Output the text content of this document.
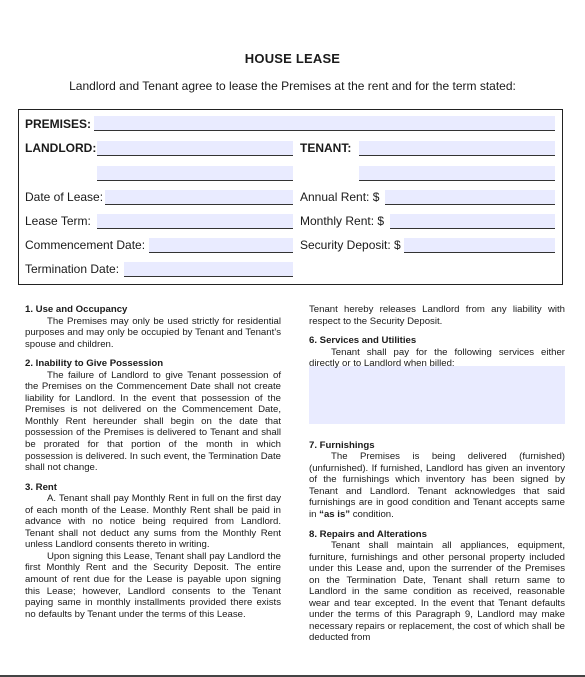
HOUSE LEASE
Landlord and Tenant agree to lease the Premises at the rent and for the term stated:
PREMISES:
LANDLORD:	TENANT:
Date of Lease:	Annual Rent: $
Lease Term:	Monthly Rent: $
Commencement Date:	Security Deposit: $
Termination Date:

1. Use and Occupancy

The Premises may only be used strictly for residential purposes and may only be occupied by Tenant and Tenant’s spouse and children.

2. Inability to Give Possession

The failure of Landlord to give Tenant possession of the Premises on the Commencement Date shall not create liability for Landlord. In the event that possession of the Premises is not delivered on the Commencement Date, Monthly Rent hereunder shall begin on the date that possession of the Premises is delivered to Tenant and shall be prorated for that portion of the month in which possession is delivered. In such event, the Termination Date shall not change.

3. Rent

A. Tenant shall pay Monthly Rent in full on the first day of each month of the Lease. Monthly Rent shall be paid in advance with no notice being required from Landlord. Tenant shall not deduct any sums from the Monthly Rent unless Landlord consents thereto in writing.

Upon signing this Lease, Tenant shall pay Landlord the first Monthly Rent and the Security Deposit. The entire amount of rent due for the Lease is payable upon signing this Lease; however, Landlord consents to the Tenant paying same in monthly installments provided there exists no defaults by Tenant under the terms of this Lease.

Tenant hereby releases Landlord from any liability with respect to the Security Deposit.

6. Services and Utilities

Tenant shall pay for the following services either directly or to Landlord when billed:

7. Furnishings

The Premises is being delivered (furnished) (unfurnished). If furnished, Landlord has given an inventory of the furnishings which inventory has been signed by Tenant and Landlord. Tenant acknowledges that said furnishings are in good condition and Tenant accepts same in “as is” condition.

8. Repairs and Alterations

Tenant shall maintain all appliances, equipment, furniture, furnishings and other personal property included under this Lease and, upon the surrender of the Premises on the Termination Date, Tenant shall return same to Landlord in the same condition as received, reasonable wear and tear excepted. In the event that Tenant defaults under the terms of this Paragraph 9, Landlord may make necessary repairs or replacement, the cost of which shall be deducted from
